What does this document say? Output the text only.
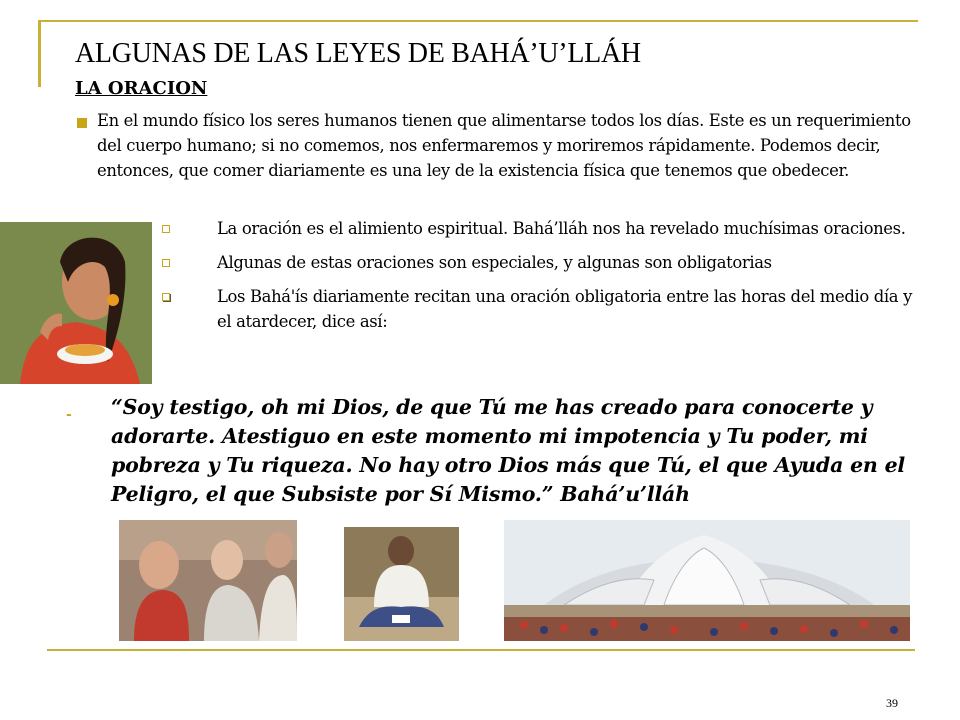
ALGUNAS DE LAS LEYES DE BAHÁ’U’LLÁH
LA ORACION
En el mundo físico los seres humanos tienen que alimentarse todos los días. Este es un requerimiento del cuerpo humano; si no comemos, nos enfermaremos y moriremos rápidamente. Podemos decir, entonces, que comer diariamente es una ley de la existencia física que tenemos que obedecer.
La oración es el alimiento espiritual. Bahá’lláh nos ha revelado muchísimas oraciones.
Algunas de estas oraciones son especiales, y algunas son obligatorias
Los Bahá'ís diariamente recitan una oración obligatoria entre las horas del medio día y el atardecer, dice así:
- “Soy testigo, oh mi Dios, de que Tú me has creado para conocerte y adorarte. Atestiguo en este momento mi impotencia y Tu poder, mi pobreza y Tu riqueza. No hay otro Dios más que Tú, el que Ayuda en el Peligro, el que Subsiste por Sí Mismo.” Bahá’u’lláh
39
